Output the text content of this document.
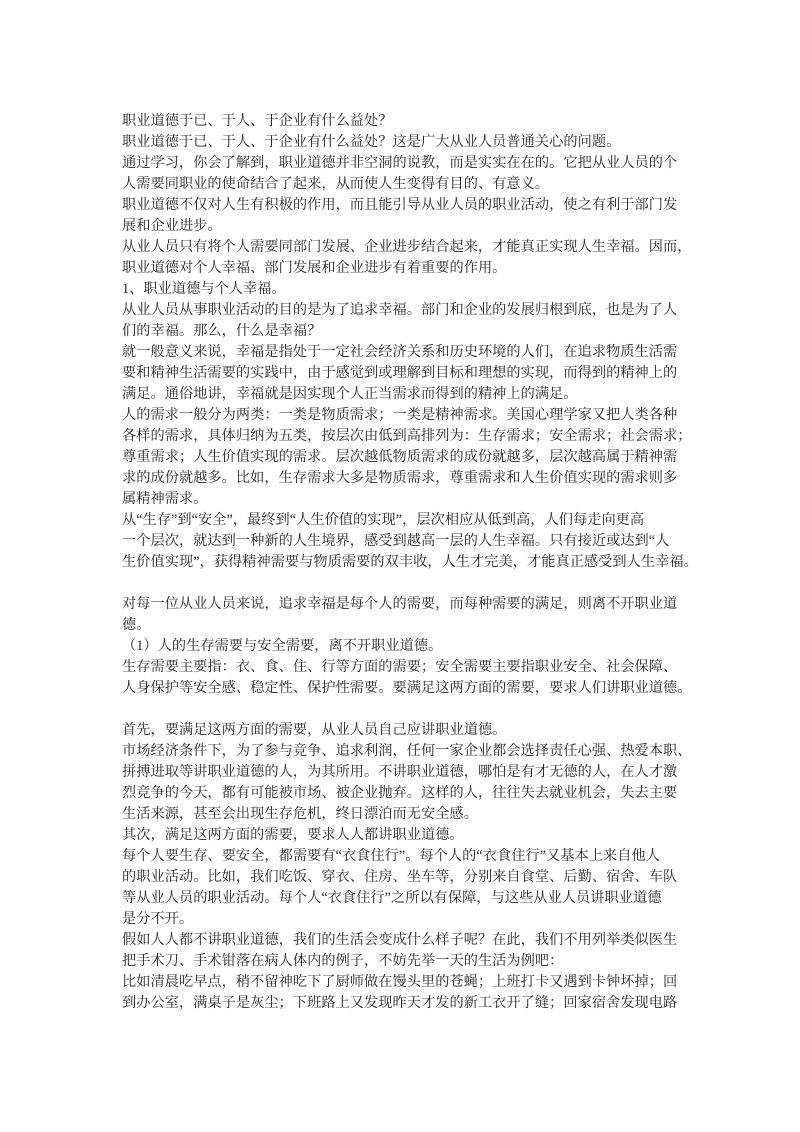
职业道德于已、于人、于企业有什么益处？
职业道德于已、于人、于企业有什么益处？这是广大从业人员普通关心的问题。
通过学习，你会了解到，职业道德并非空洞的说教，而是实实在在的。它把从业人员的个
人需要同职业的使命结合了起来，从而使人生变得有目的、有意义。
职业道德不仅对人生有积极的作用，而且能引导从业人员的职业活动，使之有利于部门发
展和企业进步。
从业人员只有将个人需要同部门发展、企业进步结合起来，才能真正实现人生幸福。因而，
职业道德对个人幸福、部门发展和企业进步有着重要的作用。
1、职业道德与个人幸福。
从业人员从事职业活动的目的是为了追求幸福。部门和企业的发展归根到底，也是为了人
们的幸福。那么，什么是幸福？
就一般意义来说，幸福是指处于一定社会经济关系和历史环境的人们，在追求物质生活需
要和精神生活需要的实践中，由于感觉到或理解到目标和理想的实现，而得到的精神上的
满足。通俗地讲，幸福就是因实现个人正当需求而得到的精神上的满足。
人的需求一般分为两类：一类是物质需求；一类是精神需求。美国心理学家又把人类各种
各样的需求，具体归纳为五类，按层次由低到高排列为：生存需求；安全需求；社会需求；
尊重需求；人生价值实现的需求。层次越低物质需求的成份就越多，层次越高属于精神需
求的成份就越多。比如，生存需求大多是物质需求，尊重需求和人生价值实现的需求则多
属精神需求。
从“生存”到“安全”，最终到“人生价值的实现”，层次相应从低到高，人们每走向更高
一个层次，就达到一种新的人生境界，感受到越高一层的人生幸福。只有接近或达到“人
生价值实现”，获得精神需要与物质需要的双丰收，人生才完美，才能真正感受到人生幸福。
对每一位从业人员来说，追求幸福是每个人的需要，而每种需要的满足，则离不开职业道
德。
（1）人的生存需要与安全需要，离不开职业道德。
生存需要主要指：衣、食、住、行等方面的需要；安全需要主要指职业安全、社会保障、
人身保护等安全感、稳定性、保护性需要。要满足这两方面的需要，要求人们讲职业道德。
首先，要满足这两方面的需要，从业人员自己应讲职业道德。
市场经济条件下，为了参与竞争、追求利润，任何一家企业都会选择责任心强、热爱本职、
拼搏进取等讲职业道德的人，为其所用。不讲职业道德，哪怕是有才无德的人，在人才激
烈竞争的今天，都有可能被市场、被企业抛弃。这样的人，往往失去就业机会，失去主要
生活来源，甚至会出现生存危机，终日漂泊而无安全感。
其次，满足这两方面的需要，要求人人都讲职业道德。
每个人要生存、要安全，都需要有“衣食住行”。每个人的“衣食住行”又基本上来自他人
的职业活动。比如，我们吃饭、穿衣、住房、坐车等，分别来自食堂、后勤、宿舍、车队
等从业人员的职业活动。每个人“衣食住行”之所以有保障，与这些从业人员讲职业道德
是分不开。
假如人人都不讲职业道德，我们的生活会变成什么样子呢？在此，我们不用列举类似医生
把手术刀、手术钳落在病人体内的例子，不妨先举一天的生活为例吧：
比如清晨吃早点，稍不留神吃下了厨师做在馒头里的苍蝇；上班打卡又遇到卡钟坏掉；回
到办公室，满桌子是灰尘；下班路上又发现昨天才发的新工衣开了缝；回家宿舍发现电路
